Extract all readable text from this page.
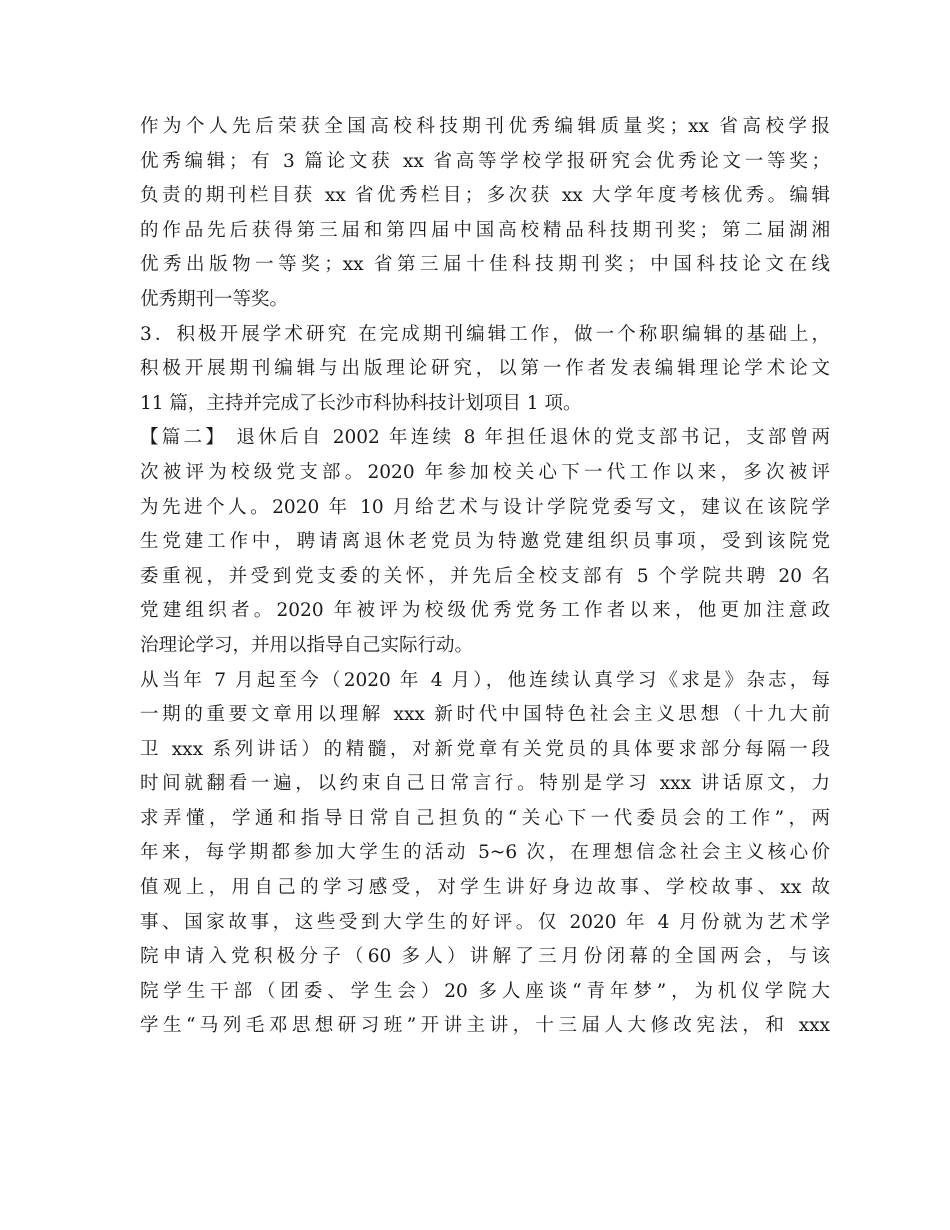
作为个人先后荣获全国高校科技期刊优秀编辑质量奖；xx 省高校学报
优秀编辑；有 3 篇论文获 xx 省高等学校学报研究会优秀论文一等奖；
负责的期刊栏目获 xx 省优秀栏目；多次获 xx 大学年度考核优秀。编辑
的作品先后获得第三届和第四届中国高校精品科技期刊奖；第二届湖湘
优秀出版物一等奖；xx 省第三届十佳科技期刊奖；中国科技论文在线
优秀期刊一等奖。
3．积极开展学术研究 在完成期刊编辑工作，做一个称职编辑的基础上，
积极开展期刊编辑与出版理论研究，以第一作者发表编辑理论学术论文
11 篇，主持并完成了长沙市科协科技计划项目 1 项。
【篇二】 退休后自 2002 年连续 8 年担任退休的党支部书记，支部曾两
次被评为校级党支部。2020 年参加校关心下一代工作以来，多次被评
为先进个人。2020 年 10 月给艺术与设计学院党委写文，建议在该院学
生党建工作中，聘请离退休老党员为特邀党建组织员事项，受到该院党
委重视，并受到党支委的关怀，并先后全校支部有 5 个学院共聘 20 名
党建组织者。2020 年被评为校级优秀党务工作者以来，他更加注意政
治理论学习，并用以指导自己实际行动。
从当年 7 月起至今（2020 年 4 月），他连续认真学习《求是》杂志，每
一期的重要文章用以理解 xxx 新时代中国特色社会主义思想（十九大前
卫 xxx 系列讲话）的精髓，对新党章有关党员的具体要求部分每隔一段
时间就翻看一遍，以约束自己日常言行。特别是学习 xxx 讲话原文，力
求弄懂，学通和指导日常自己担负的“关心下一代委员会的工作”，两
年来，每学期都参加大学生的活动 5~6 次，在理想信念社会主义核心价
值观上，用自己的学习感受，对学生讲好身边故事、学校故事、xx 故
事、国家故事，这些受到大学生的好评。仅 2020 年 4 月份就为艺术学
院申请入党积极分子（60 多人）讲解了三月份闭幕的全国两会，与该
院学生干部（团委、学生会）20 多人座谈“青年梦”，为机仪学院大
学生“马列毛邓思想研习班”开讲主讲，十三届人大修改宪法，和 xxx
